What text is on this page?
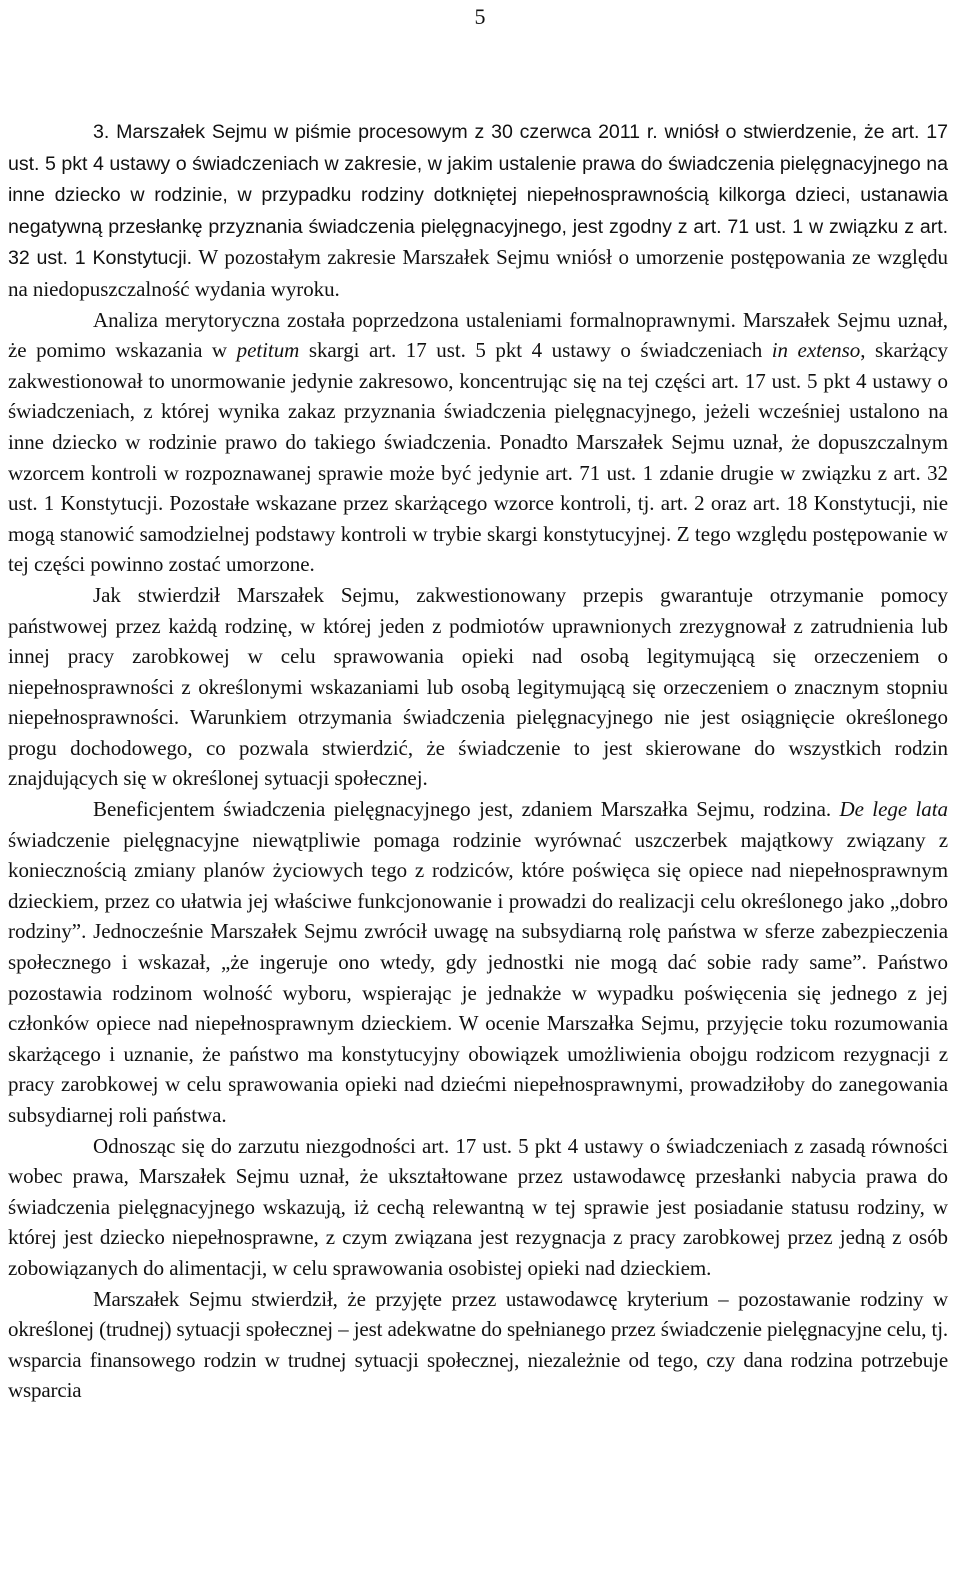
5

3. Marszałek Sejmu w piśmie procesowym z 30 czerwca 2011 r. wniósł o stwierdzenie, że art. 17 ust. 5 pkt 4 ustawy o świadczeniach w zakresie, w jakim ustalenie prawa do świadczenia pielęgnacyjnego na inne dziecko w rodzinie, w przypadku rodziny dotkniętej niepełnosprawnością kilkorga dzieci, ustanawia negatywną przesłankę przyznania świadczenia pielęgnacyjnego, jest zgodny z art. 71 ust. 1 w związku z art. 32 ust. 1 Konstytucji. W pozostałym zakresie Marszałek Sejmu wniósł o umorzenie postępowania ze względu na niedopuszczalność wydania wyroku.

Analiza merytoryczna została poprzedzona ustaleniami formalnoprawnymi. Marszałek Sejmu uznał, że pomimo wskazania w petitum skargi art. 17 ust. 5 pkt 4 ustawy o świadczeniach in extenso, skarżący zakwestionował to unormowanie jedynie zakresowo, koncentrując się na tej części art. 17 ust. 5 pkt 4 ustawy o świadczeniach, z której wynika zakaz przyznania świadczenia pielęgnacyjnego, jeżeli wcześniej ustalono na inne dziecko w rodzinie prawo do takiego świadczenia. Ponadto Marszałek Sejmu uznał, że dopuszczalnym wzorcem kontroli w rozpoznawanej sprawie może być jedynie art. 71 ust. 1 zdanie drugie w związku z art. 32 ust. 1 Konstytucji. Pozostałe wskazane przez skarżącego wzorce kontroli, tj. art. 2 oraz art. 18 Konstytucji, nie mogą stanowić samodzielnej podstawy kontroli w trybie skargi konstytucyjnej. Z tego względu postępowanie w tej części powinno zostać umorzone.

Jak stwierdził Marszałek Sejmu, zakwestionowany przepis gwarantuje otrzymanie pomocy państwowej przez każdą rodzinę, w której jeden z podmiotów uprawnionych zrezygnował z zatrudnienia lub innej pracy zarobkowej w celu sprawowania opieki nad osobą legitymującą się orzeczeniem o niepełnosprawności z określonymi wskazaniami lub osobą legitymującą się orzeczeniem o znacznym stopniu niepełnosprawności. Warunkiem otrzymania świadczenia pielęgnacyjnego nie jest osiągnięcie określonego progu dochodowego, co pozwala stwierdzić, że świadczenie to jest skierowane do wszystkich rodzin znajdujących się w określonej sytuacji społecznej.

Beneficjentem świadczenia pielęgnacyjnego jest, zdaniem Marszałka Sejmu, rodzina. De lege lata świadczenie pielęgnacyjne niewątpliwie pomaga rodzinie wyrównać uszczerbek majątkowy związany z koniecznością zmiany planów życiowych tego z rodziców, które poświęca się opiece nad niepełnosprawnym dzieckiem, przez co ułatwia jej właściwe funkcjonowanie i prowadzi do realizacji celu określonego jako „dobro rodziny”. Jednocześnie Marszałek Sejmu zwrócił uwagę na subsydiarną rolę państwa w sferze zabezpieczenia społecznego i wskazał, „że ingeruje ono wtedy, gdy jednostki nie mogą dać sobie rady same”. Państwo pozostawia rodzinom wolność wyboru, wspierając je jednakże w wypadku poświęcenia się jednego z jej członków opiece nad niepełnosprawnym dzieckiem. W ocenie Marszałka Sejmu, przyjęcie toku rozumowania skarżącego i uznanie, że państwo ma konstytucyjny obowiązek umożliwienia obojgu rodzicom rezygnacji z pracy zarobkowej w celu sprawowania opieki nad dziećmi niepełnosprawnymi, prowadziłoby do zanegowania subsydiarnej roli państwa.

Odnosząc się do zarzutu niezgodności art. 17 ust. 5 pkt 4 ustawy o świadczeniach z zasadą równości wobec prawa, Marszałek Sejmu uznał, że ukształtowane przez ustawodawcę przesłanki nabycia prawa do świadczenia pielęgnacyjnego wskazują, iż cechą relewantną w tej sprawie jest posiadanie statusu rodziny, w której jest dziecko niepełnosprawne, z czym związana jest rezygnacja z pracy zarobkowej przez jedną z osób zobowiązanych do alimentacji, w celu sprawowania osobistej opieki nad dzieckiem.

Marszałek Sejmu stwierdził, że przyjęte przez ustawodawcę kryterium – pozostawanie rodziny w określonej (trudnej) sytuacji społecznej – jest adekwatne do spełnianego przez świadczenie pielęgnacyjne celu, tj. wsparcia finansowego rodzin w trudnej sytuacji społecznej, niezależnie od tego, czy dana rodzina potrzebuje wsparcia
